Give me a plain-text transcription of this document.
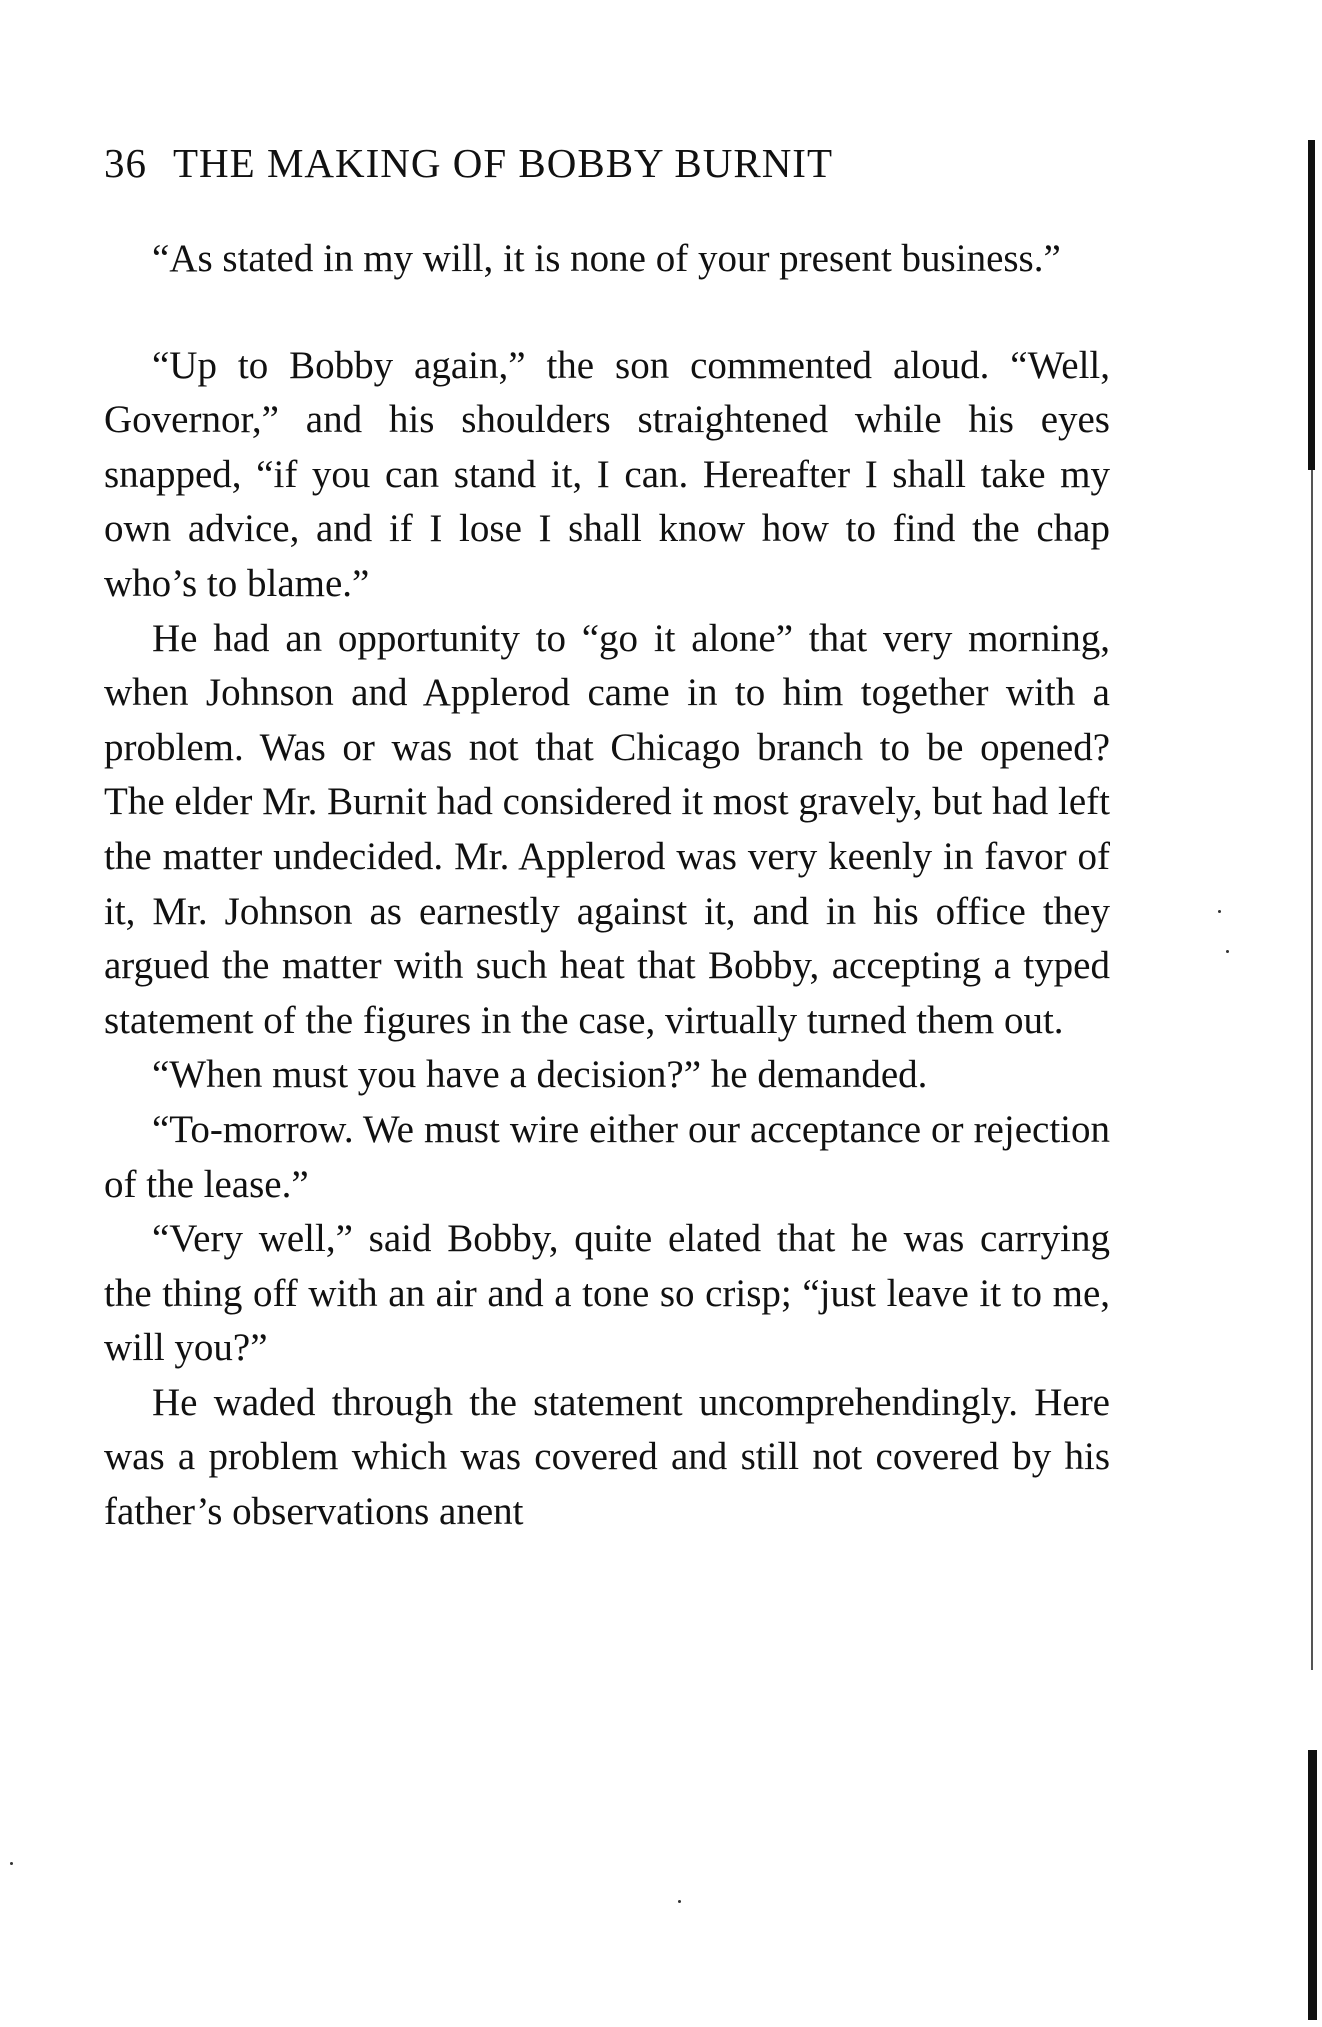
36 THE MAKING OF BOBBY BURNIT

“As stated in my will, it is none of your present business.”

“Up to Bobby again,” the son commented aloud. “Well, Governor,” and his shoulders straightened while his eyes snapped, “if you can stand it, I can. Hereafter I shall take my own advice, and if I lose I shall know how to find the chap who’s to blame.”

He had an opportunity to “go it alone” that very morning, when Johnson and Applerod came in to him together with a problem. Was or was not that Chicago branch to be opened? The elder Mr. Burnit had considered it most gravely, but had left the matter undecided. Mr. Applerod was very keenly in favor of it, Mr. Johnson as earnestly against it, and in his office they argued the matter with such heat that Bobby, accepting a typed statement of the figures in the case, virtually turned them out.

“When must you have a decision?” he demanded.

“To-morrow. We must wire either our acceptance or rejection of the lease.”

“Very well,” said Bobby, quite elated that he was carrying the thing off with an air and a tone so crisp; “just leave it to me, will you?”

He waded through the statement uncomprehendingly. Here was a problem which was covered and still not covered by his father’s observations anent
